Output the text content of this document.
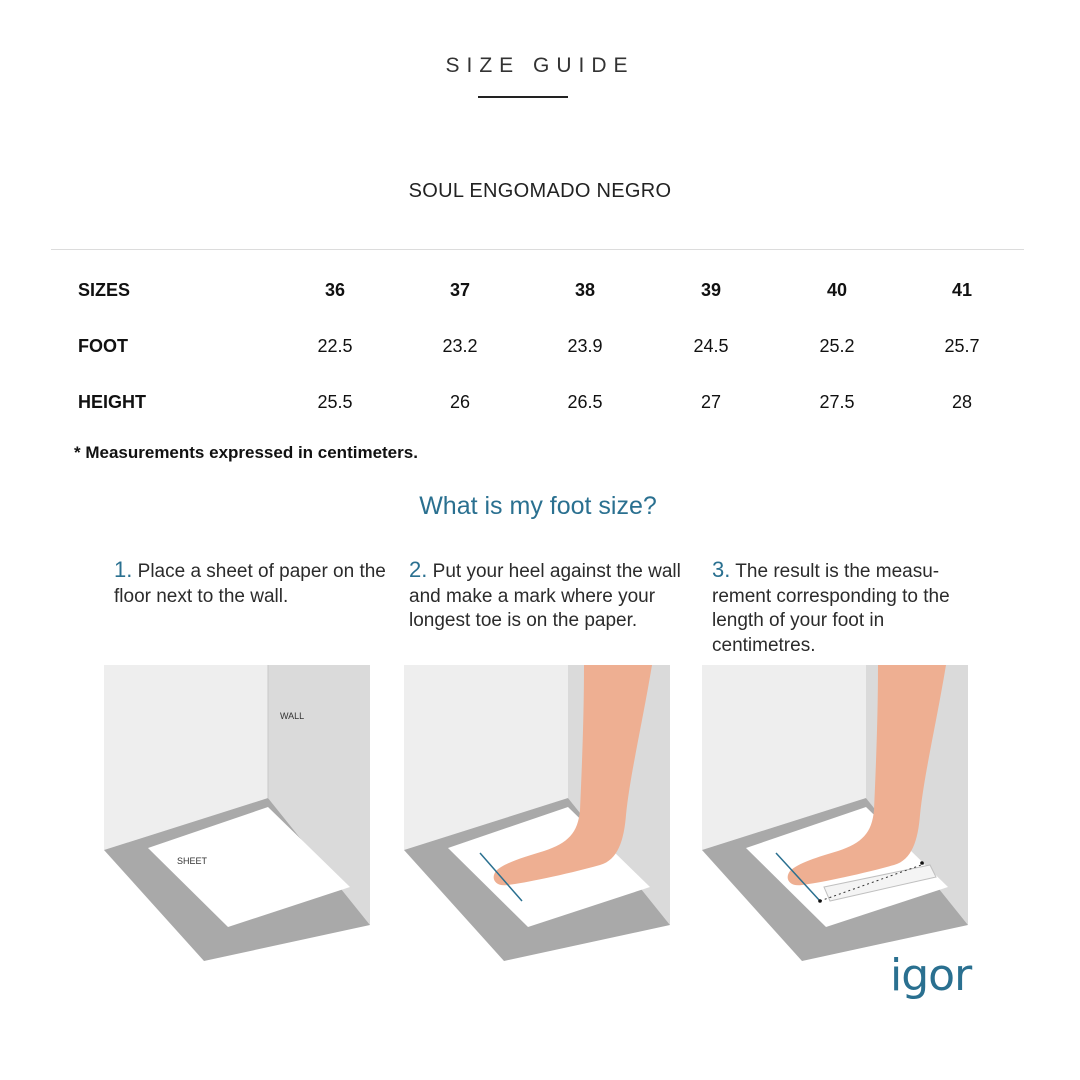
SIZE GUIDE
SOUL ENGOMADO NEGRO
SIZES	36	37	38	39	40	41
FOOT	22.5	23.2	23.9	24.5	25.2	25.7
HEIGHT	25.5	26	26.5	27	27.5	28
* Measurements expressed in centimeters.
What is my foot size?
1. Place a sheet of paper on the floor next to the wall.
2. Put your heel against the wall and make a mark where your longest toe is on the paper.
3. The result is the measu-rement corresponding to the length of your foot in centimetres.
WALL
SHEET
igor
